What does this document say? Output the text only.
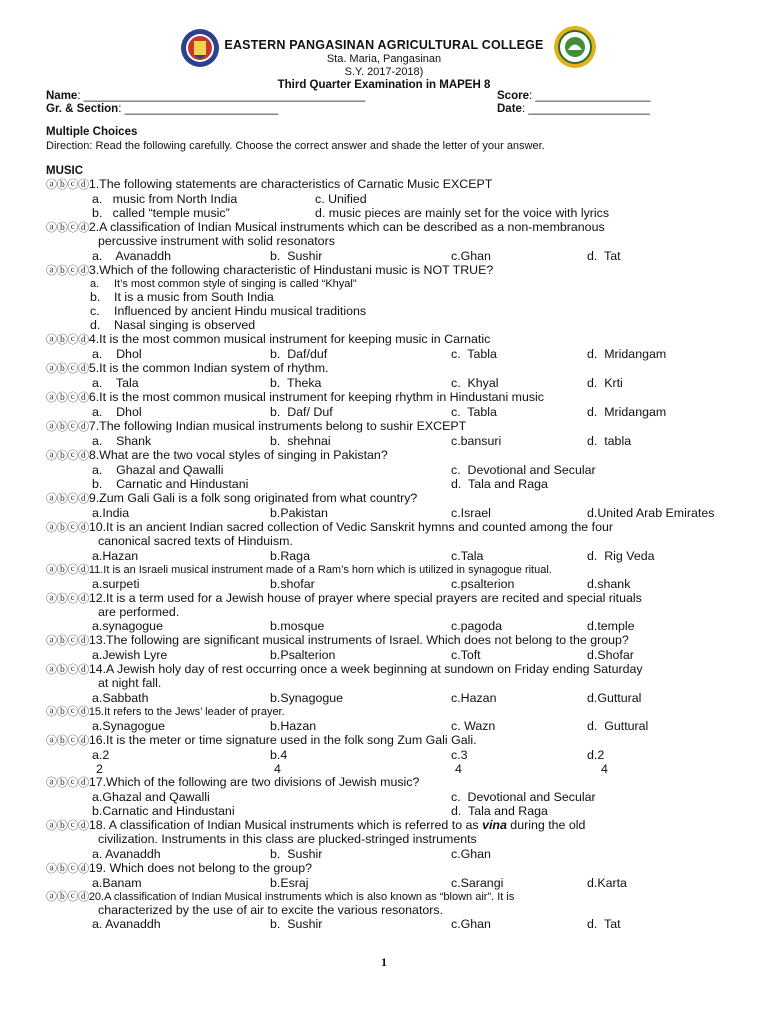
EASTERN PANGASINAN AGRICULTURAL COLLEGE
Sta. Maria, Pangasinan
S.Y. 2017-2018)
Third Quarter Examination in MAPEH 8
Name: ____________________________________________	Score: __________________
Gr. & Section: ________________________	Date: ___________________
Multiple Choices
Direction: Read the following carefully. Choose the correct answer and shade the letter of your answer.
MUSIC
ⓐⓑⓒⓓ1.The following statements are characteristics of Carnatic Music EXCEPT
a.   music from North India	c. Unified
b.   called “temple music”	d. music pieces are mainly set for the voice with lyrics
ⓐⓑⓒⓓ2.A classification of Indian Musical instruments which can be described as a non-membranous
percussive instrument with solid resonators
a.    Avanaddh	b.  Sushir	c.Ghan	d.  Tat
ⓐⓑⓒⓓ3.Which of the following characteristic of Hindustani music is NOT TRUE?
a. It’s most common style of singing is called “Khyal”
b. It is a music from South India
c. Influenced by ancient Hindu musical traditions
d. Nasal singing is observed
ⓐⓑⓒⓓ4.It is the most common musical instrument for keeping music in Carnatic
a.    Dhol	b.  Daf/duf	c.  Tabla	d.  Mridangam
ⓐⓑⓒⓓ5.It is the common Indian system of rhythm.
a.    Tala	b.  Theka	c.  Khyal	d.  Krti
ⓐⓑⓒⓓ6.It is the most common musical instrument for keeping rhythm in Hindustani music
a.    Dhol	b.  Daf/ Duf	c.  Tabla	d.  Mridangam
ⓐⓑⓒⓓ7.The following Indian musical instruments belong to sushir EXCEPT
a.    Shank	b.  shehnai	c.bansuri	d.  tabla
ⓐⓑⓒⓓ8.What are the two vocal styles of singing in Pakistan?
a.    Ghazal and Qawalli	c.  Devotional and Secular
b.    Carnatic and Hindustani	d.  Tala and Raga
ⓐⓑⓒⓓ9.Zum Gali Gali is a folk song originated from what country?
a.India	b.Pakistan	c.Israel	d.United Arab Emirates
ⓐⓑⓒⓓ10.It is an ancient Indian sacred collection of Vedic Sanskrit hymns and counted among the four
canonical sacred texts of Hinduism.
a.Hazan	b.Raga	c.Tala	d.  Rig Veda
ⓐⓑⓒⓓ11.It is an Israeli musical instrument made of a Ram’s horn which is utilized in synagogue ritual.
a.surpeti	b.shofar	c.psalterion	d.shank
ⓐⓑⓒⓓ12.It is a term used for a Jewish house of prayer where special prayers are recited and special rituals
are performed.
a.synagogue	b.mosque	c.pagoda	d.temple
ⓐⓑⓒⓓ13.The following are significant musical instruments of Israel. Which does not belong to the group?
a.Jewish Lyre	b.Psalterion	c.Toft	d.Shofar
ⓐⓑⓒⓓ14.A Jewish holy day of rest occurring once a week beginning at sundown on Friday ending Saturday
at night fall.
a.Sabbath	b.Synagogue	c.Hazan	d.Guttural
ⓐⓑⓒⓓ15.It refers to the Jews’ leader of prayer.
a.Synagogue	b.Hazan	c. Wazn	d.  Guttural
ⓐⓑⓒⓓ16.It is the meter or time signature used in the folk song Zum Gali Gali.
a.2	b.4	c.3	d.2
2	4	4	4
ⓐⓑⓒⓓ17.Which of the following are two divisions of Jewish music?
a.Ghazal and Qawalli	c.  Devotional and Secular
b.Carnatic and Hindustani	d.  Tala and Raga
ⓐⓑⓒⓓ18. A classification of Indian Musical instruments which is referred to as vina during the old
civilization. Instruments in this class are plucked-stringed instruments
a. Avanaddh	b.  Sushir	c.Ghan
ⓐⓑⓒⓓ19. Which does not belong to the group?
a.Banam	b.Esraj	c.Sarangi	d.Karta
ⓐⓑⓒⓓ20.A classification of Indian Musical instruments which is also known as “blown air”. It is
characterized by the use of air to excite the various resonators.
a. Avanaddh	b.  Sushir	c.Ghan	d.  Tat
1
